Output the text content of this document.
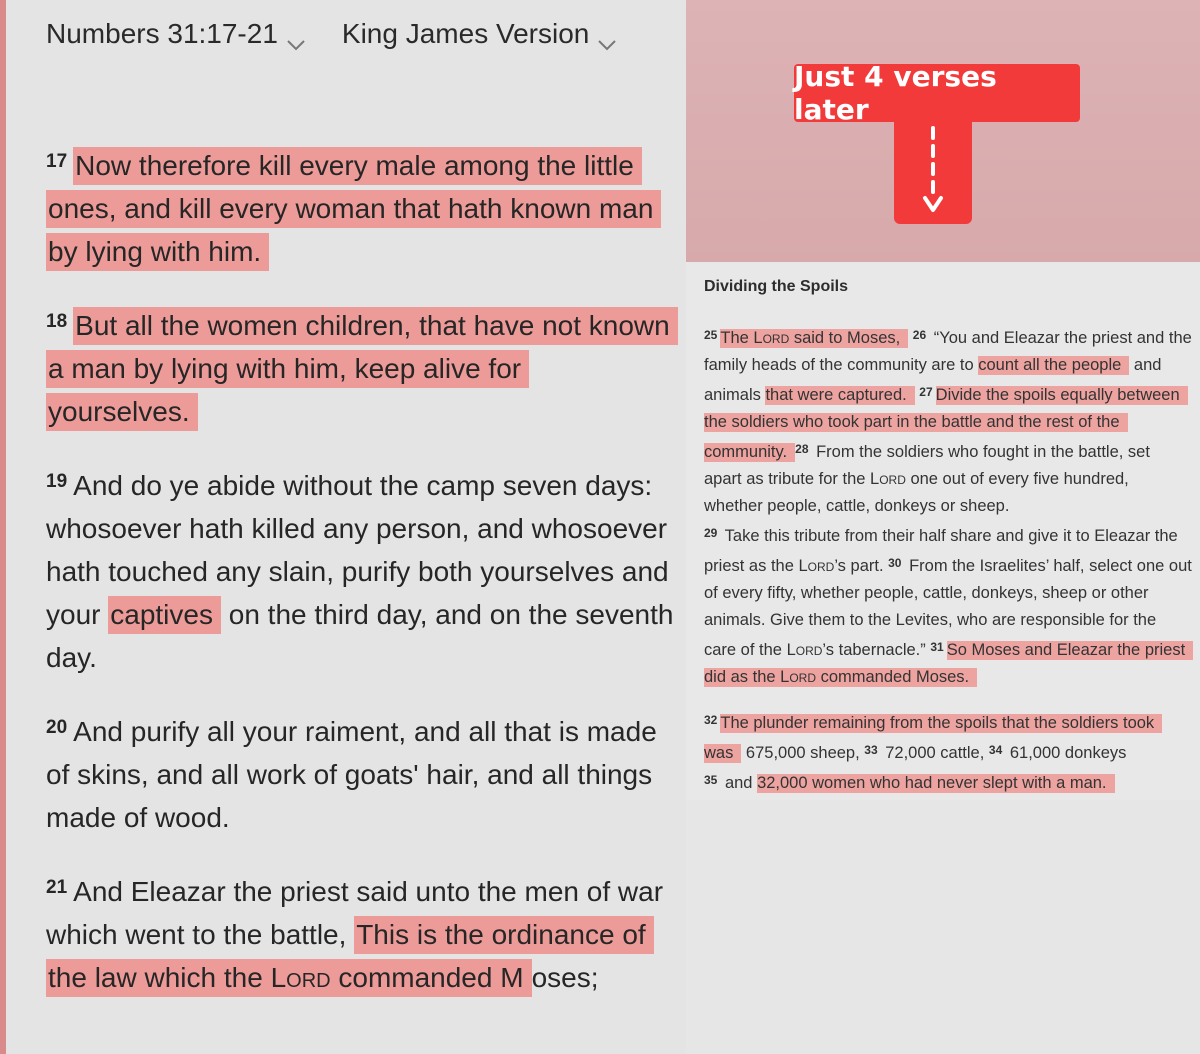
Numbers 31:17-21 King James Version

$^{17}$ Now therefore kill every male among the little ones, and kill every woman that hath known man by lying with him.

$^{18}$ But all the women children, that have not known a man by lying with him, keep alive for yourselves.

$^{19}$ And do ye abide without the camp seven days: whosoever hath killed any person, and whosoever hath touched any slain, purify both yourselves and your captives on the third day, and on the seventh day.

$^{20}$ And purify all your raiment, and all that is made of skins, and all work of goats' hair, and all things made of wood.

$^{21}$ And Eleazar the priest said unto the men of war which went to the battle, This is the ordinance of the law which the Lord commanded M oses;

Just 4 verses later
Dividing the Spoils

$^{25}$ The Lord said to Moses, $^{26}$ “You and Eleazar the priest and the family heads of the community are to count all the people and animals that were captured. $^{27}$ Divide the spoils equally between the soldiers who took part in the battle and the rest of the community. $^{28}$ From the soldiers who fought in the battle, set apart as tribute for the Lord one out of every five hundred, whether people, cattle, donkeys or sheep.
$^{29}$ Take this tribute from their half share and give it to Eleazar the priest as the Lord’s part. $^{30}$ From the Israelites’ half, select one out of every fifty, whether people, cattle, donkeys, sheep or other animals. Give them to the Levites, who are responsible for the care of the Lord’s tabernacle.” $^{31}$ So Moses and Eleazar the priest did as the Lord commanded Moses.

$^{32}$ The plunder remaining from the spoils that the soldiers took was 675,000 sheep, $^{33}$ 72,000 cattle, $^{34}$ 61,000 donkeys
$^{35}$ and 32,000 women who had never slept with a man.
